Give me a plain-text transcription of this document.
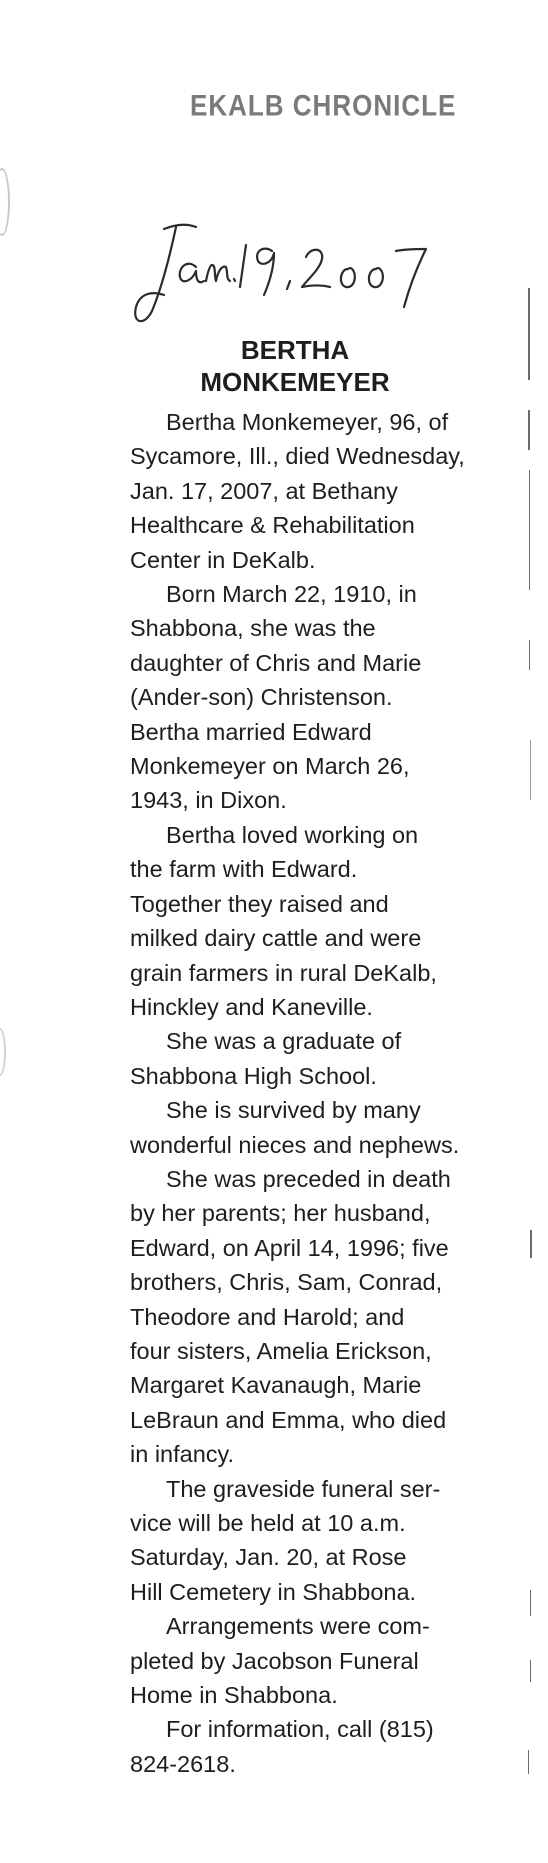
EKALB CHRONICLE
BERTHA
MONKEMEYER
Bertha Monkemeyer, 96, of
Sycamore, Ill., died Wednesday,
Jan. 17, 2007, at Bethany
Healthcare & Rehabilitation
Center in DeKalb.
Born March 22, 1910, in
Shabbona, she was the
daughter of Chris and Marie
(Ander-son) Christenson.
Bertha married Edward
Monkemeyer on March 26,
1943, in Dixon.
Bertha loved working on
the farm with Edward.
Together they raised and
milked dairy cattle and were
grain farmers in rural DeKalb,
Hinckley and Kaneville.
She was a graduate of
Shabbona High School.
She is survived by many
wonderful nieces and nephews.
She was preceded in death
by her parents; her husband,
Edward, on April 14, 1996; five
brothers, Chris, Sam, Conrad,
Theodore and Harold; and
four sisters, Amelia Erickson,
Margaret Kavanaugh, Marie
LeBraun and Emma, who died
in infancy.
The graveside funeral ser-
vice will be held at 10 a.m.
Saturday, Jan. 20, at Rose
Hill Cemetery in Shabbona.
Arrangements were com-
pleted by Jacobson Funeral
Home in Shabbona.
For information, call (815)
824-2618.
